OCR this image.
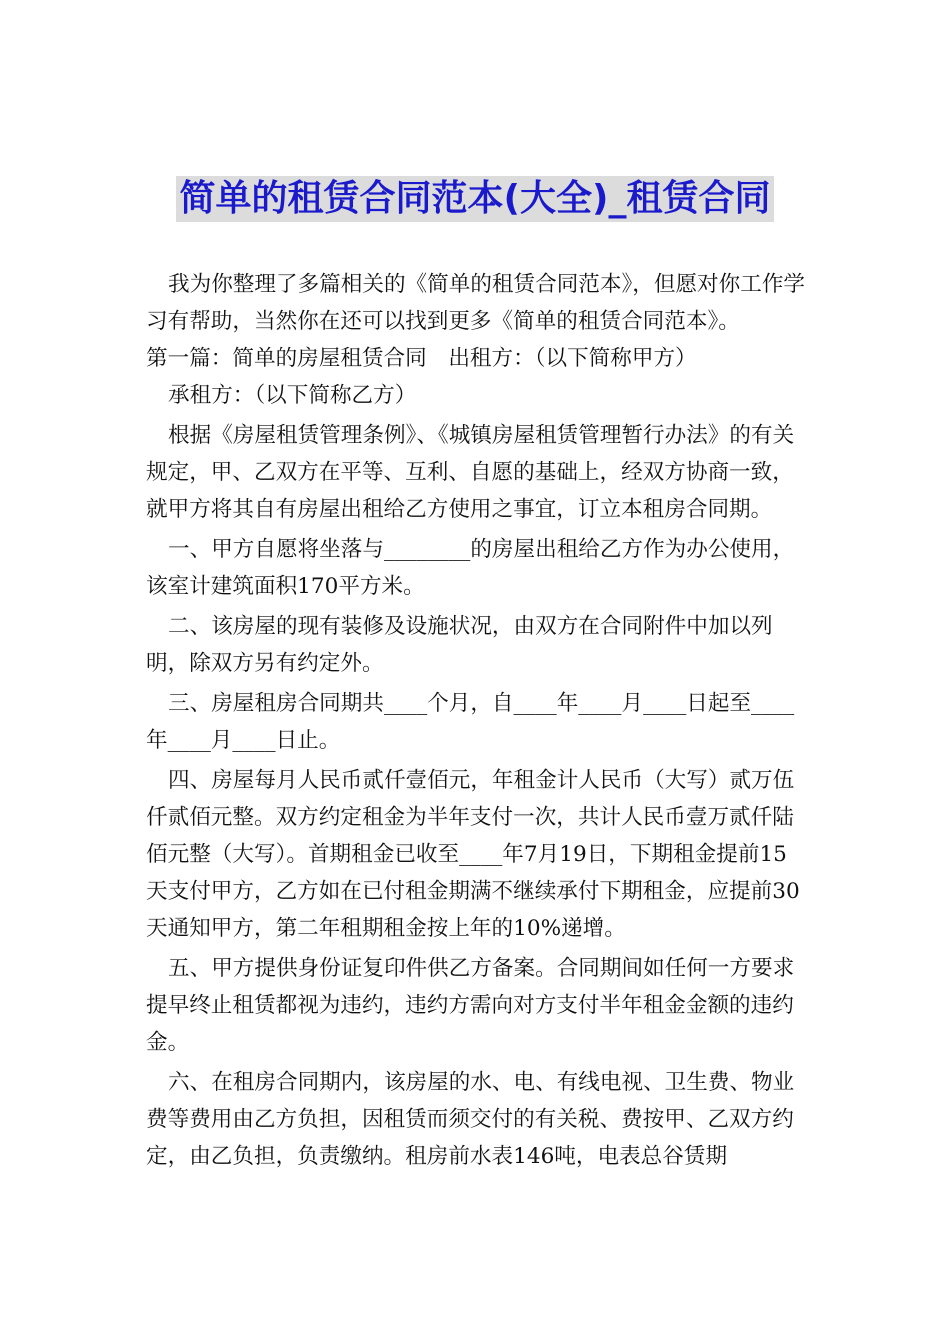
简单的租赁合同范本(大全)_租赁合同

我为你整理了多篇相关的《简单的租赁合同范本》，但愿对你工作学习有帮助，当然你在还可以找到更多《简单的租赁合同范本》。

第一篇：简单的房屋租赁合同　出租方：（以下简称甲方）

承租方：（以下简称乙方）

根据《房屋租赁管理条例》、《城镇房屋租赁管理暂行办法》的有关规定，甲、乙双方在平等、互利、自愿的基础上，经双方协商一致，就甲方将其自有房屋出租给乙方使用之事宜，订立本租房合同期。

一、甲方自愿将坐落与________的房屋出租给乙方作为办公使用，该室计建筑面积170平方米。

二、该房屋的现有装修及设施状况，由双方在合同附件中加以列明，除双方另有约定外。

三、房屋租房合同期共____个月，自____年____月____日起至____年____月____日止。

四、房屋每月人民币贰仟壹佰元，年租金计人民币（大写）贰万伍仟贰佰元整。双方约定租金为半年支付一次，共计人民币壹万贰仟陆佰元整（大写）。首期租金已收至____年7月19日，下期租金提前15天支付甲方，乙方如在已付租金期满不继续承付下期租金，应提前30天通知甲方，第二年租期租金按上年的10%递增。

五、甲方提供身份证复印件供乙方备案。合同期间如任何一方要求提早终止租赁都视为违约，违约方需向对方支付半年租金金额的违约金。

六、在租房合同期内，该房屋的水、电、有线电视、卫生费、物业费等费用由乙方负担，因租赁而须交付的有关税、费按甲、乙双方约定，由乙负担，负责缴纳。租房前水表146吨，电表总谷赁期
